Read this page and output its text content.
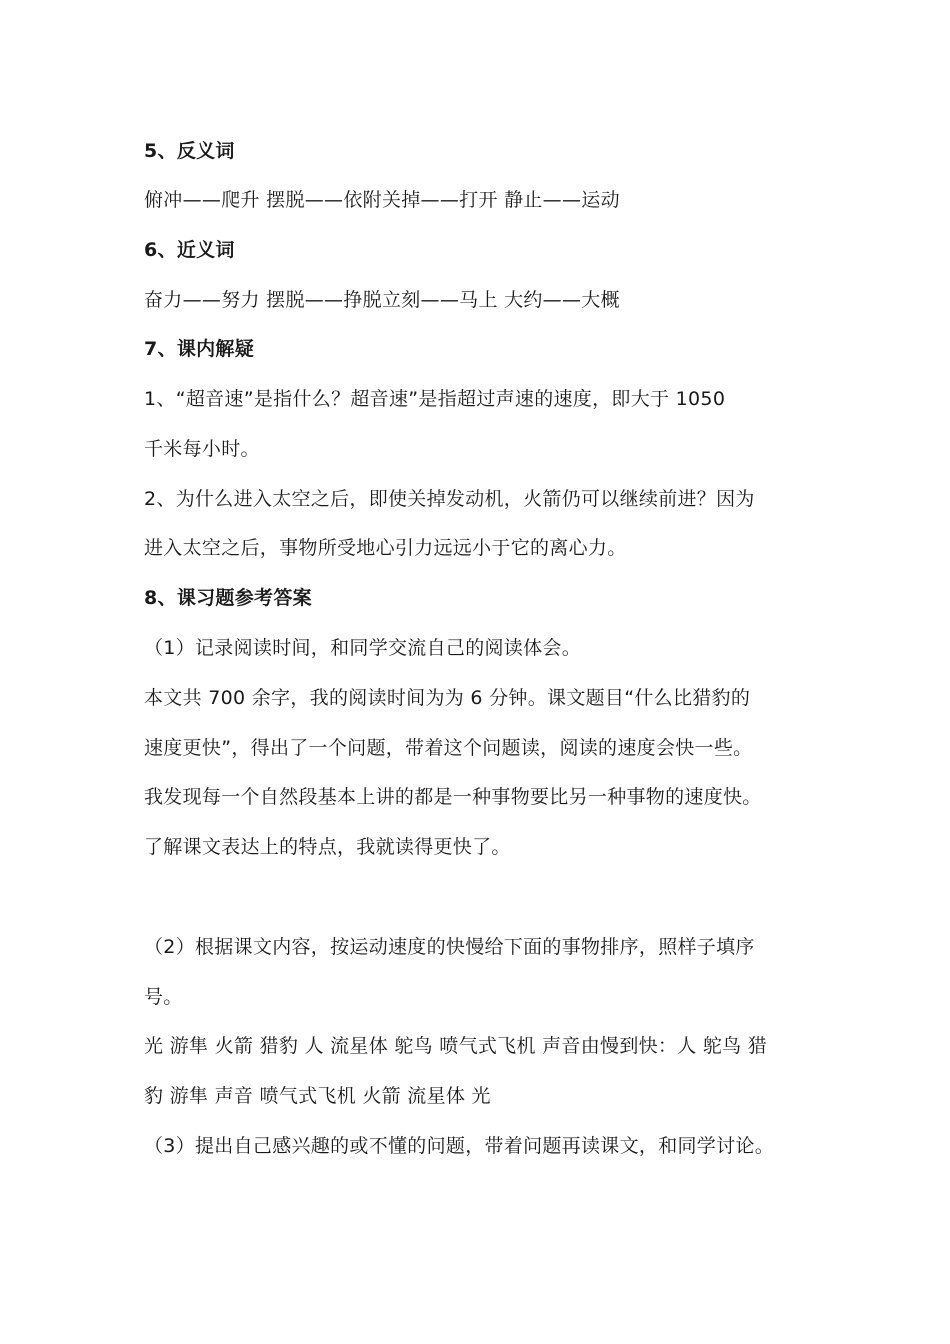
5、反义词
俯冲——爬升 摆脱——依附关掉——打开 静止——运动
6、近义词
奋力——努力 摆脱——挣脱立刻——马上 大约——大概
7、课内解疑
1、“超音速”是指什么？超音速”是指超过声速的速度，即大于 1050
千米每小时。
2、为什么进入太空之后，即使关掉发动机，火箭仍可以继续前进？因为
进入太空之后，事物所受地心引力远远小于它的离心力。
8、课习题参考答案
（1）记录阅读时间，和同学交流自己的阅读体会。
本文共 700 余字，我的阅读时间为为 6 分钟。课文题目“什么比猎豹的
速度更快”，得出了一个问题，带着这个问题读，阅读的速度会快一些。
我发现每一个自然段基本上讲的都是一种事物要比另一种事物的速度快。
了解课文表达上的特点，我就读得更快了。
（2）根据课文内容，按运动速度的快慢给下面的事物排序，照样子填序
号。
光 游隼 火箭 猎豹 人 流星体 鸵鸟 喷气式飞机 声音由慢到快：人 鸵鸟 猎
豹 游隼 声音 喷气式飞机 火箭 流星体 光
（3）提出自己感兴趣的或不懂的问题，带着问题再读课文，和同学讨论。
